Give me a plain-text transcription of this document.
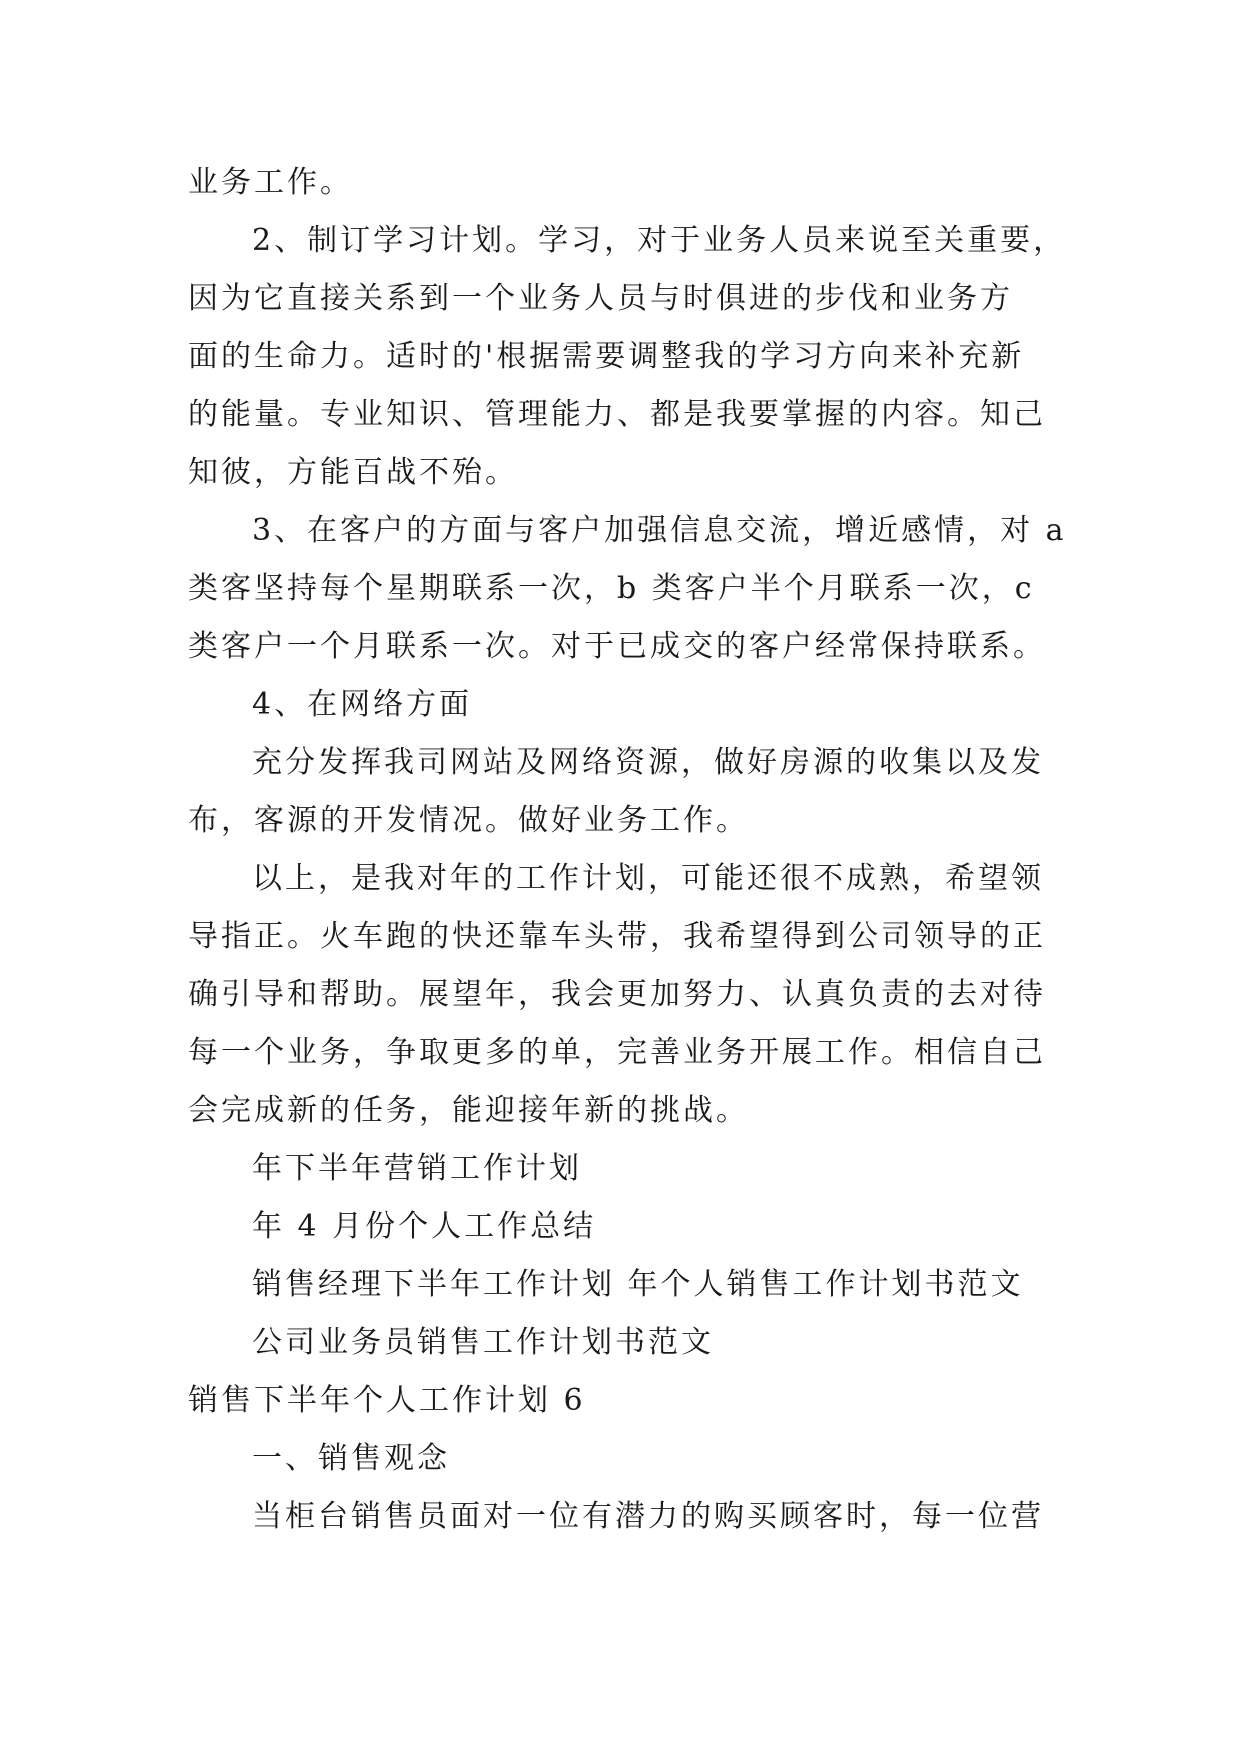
业务工作。

2、制订学习计划。学习，对于业务人员来说至关重要，

因为它直接关系到一个业务人员与时俱进的步伐和业务方

面的生命力。适时的'根据需要调整我的学习方向来补充新

的能量。专业知识、管理能力、都是我要掌握的内容。知己

知彼，方能百战不殆。

3、在客户的方面与客户加强信息交流，增近感情，对 a

类客坚持每个星期联系一次，b 类客户半个月联系一次，c

类客户一个月联系一次。对于已成交的客户经常保持联系。

4、在网络方面

充分发挥我司网站及网络资源，做好房源的收集以及发

布，客源的开发情况。做好业务工作。

以上，是我对年的工作计划，可能还很不成熟，希望领

导指正。火车跑的快还靠车头带，我希望得到公司领导的正

确引导和帮助。展望年，我会更加努力、认真负责的去对待

每一个业务，争取更多的单，完善业务开展工作。相信自己

会完成新的任务，能迎接年新的挑战。

年下半年营销工作计划

年 4 月份个人工作总结

销售经理下半年工作计划 年个人销售工作计划书范文

公司业务员销售工作计划书范文

销售下半年个人工作计划 6

一、销售观念

当柜台销售员面对一位有潜力的购买顾客时，每一位营
